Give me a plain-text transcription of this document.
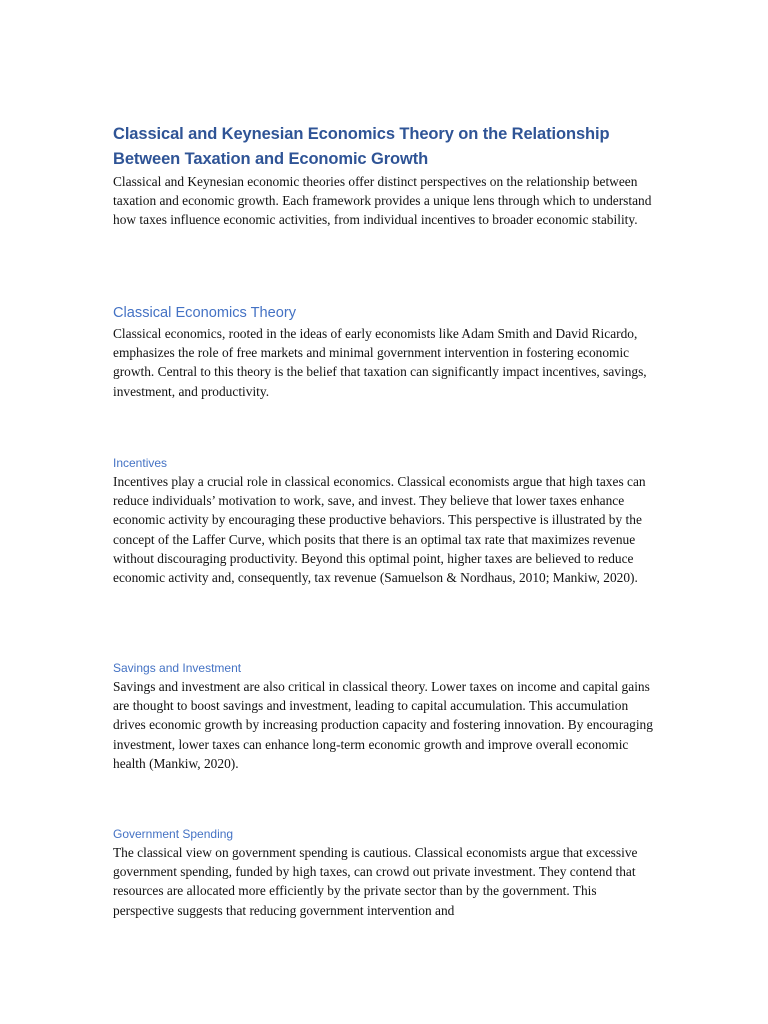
Classical and Keynesian Economics Theory on the Relationship Between Taxation and Economic Growth

Classical and Keynesian economic theories offer distinct perspectives on the relationship between taxation and economic growth. Each framework provides a unique lens through which to understand how taxes influence economic activities, from individual incentives to broader economic stability.

Classical Economics Theory

Classical economics, rooted in the ideas of early economists like Adam Smith and David Ricardo, emphasizes the role of free markets and minimal government intervention in fostering economic growth. Central to this theory is the belief that taxation can significantly impact incentives, savings, investment, and productivity.

Incentives

Incentives play a crucial role in classical economics. Classical economists argue that high taxes can reduce individuals’ motivation to work, save, and invest. They believe that lower taxes enhance economic activity by encouraging these productive behaviors. This perspective is illustrated by the concept of the Laffer Curve, which posits that there is an optimal tax rate that maximizes revenue without discouraging productivity. Beyond this optimal point, higher taxes are believed to reduce economic activity and, consequently, tax revenue (Samuelson & Nordhaus, 2010; Mankiw, 2020).

Savings and Investment

Savings and investment are also critical in classical theory. Lower taxes on income and capital gains are thought to boost savings and investment, leading to capital accumulation. This accumulation drives economic growth by increasing production capacity and fostering innovation. By encouraging investment, lower taxes can enhance long-term economic growth and improve overall economic health (Mankiw, 2020).

Government Spending

The classical view on government spending is cautious. Classical economists argue that excessive government spending, funded by high taxes, can crowd out private investment. They contend that resources are allocated more efficiently by the private sector than by the government. This perspective suggests that reducing government intervention and
